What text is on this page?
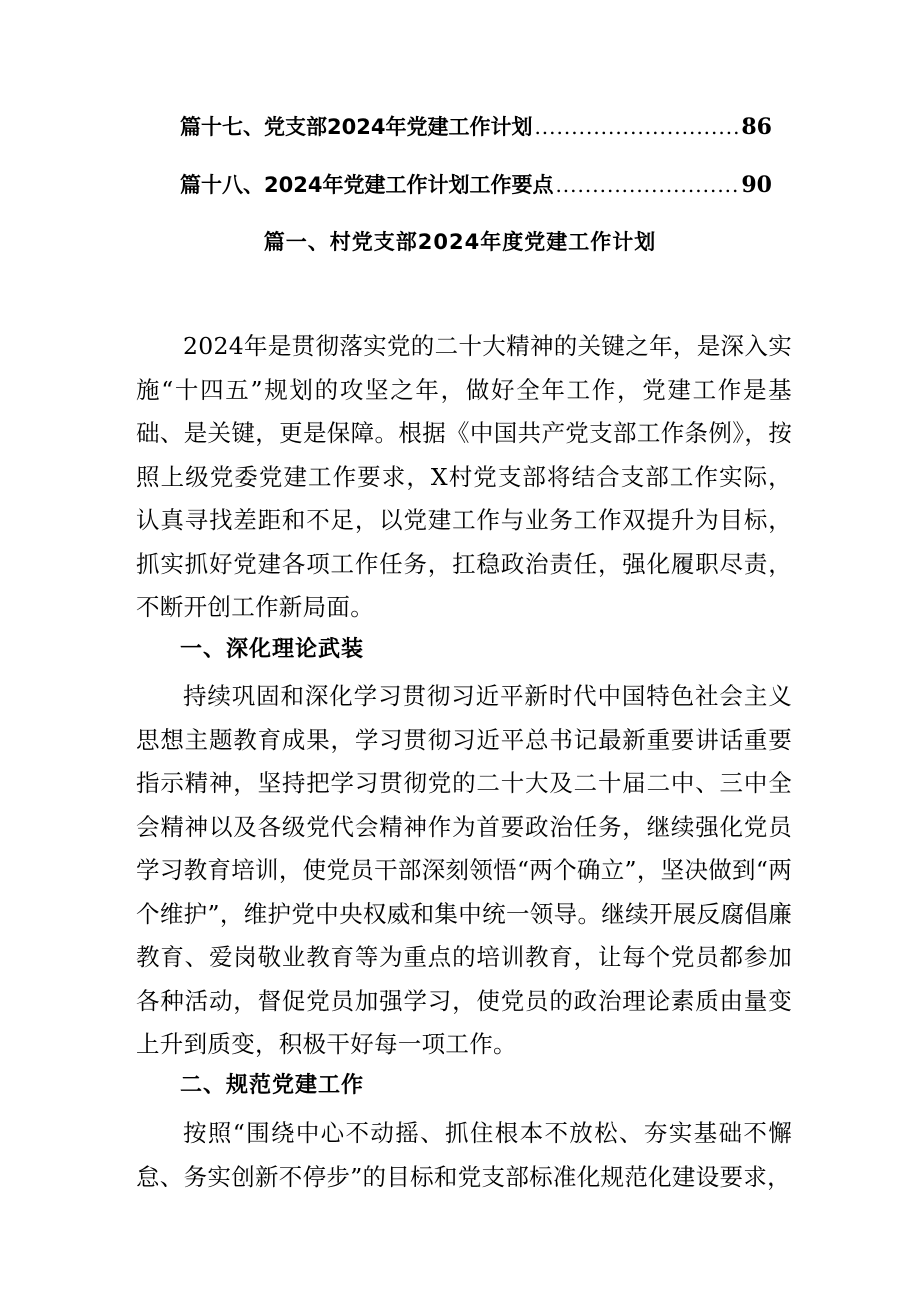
篇十七、党支部2024年党建工作计划 .....	86
篇十八、2024年党建工作计划工作要点 .....	90
篇一、村党支部2024年度党建工作计划

2024年是贯彻落实党的二十大精神的关键之年，是深入实施“十四五”规划的攻坚之年，做好全年工作，党建工作是基础、是关键，更是保障。根据《中国共产党支部工作条例》，按照上级党委党建工作要求，X村党支部将结合支部工作实际，认真寻找差距和不足，以党建工作与业务工作双提升为目标，抓实抓好党建各项工作任务，扛稳政治责任，强化履职尽责，不断开创工作新局面。

一、深化理论武装

持续巩固和深化学习贯彻习近平新时代中国特色社会主义思想主题教育成果，学习贯彻习近平总书记最新重要讲话重要指示精神，坚持把学习贯彻党的二十大及二十届二中、三中全会精神以及各级党代会精神作为首要政治任务，继续强化党员学习教育培训，使党员干部深刻领悟“两个确立”，坚决做到“两个维护”，维护党中央权威和集中统一领导。继续开展反腐倡廉教育、爱岗敬业教育等为重点的培训教育，让每个党员都参加各种活动，督促党员加强学习，使党员的政治理论素质由量变上升到质变，积极干好每一项工作。

二、规范党建工作

按照“围绕中心不动摇、抓住根本不放松、夯实基础不懈怠、务实创新不停步”的目标和党支部标准化规范化建设要求，
